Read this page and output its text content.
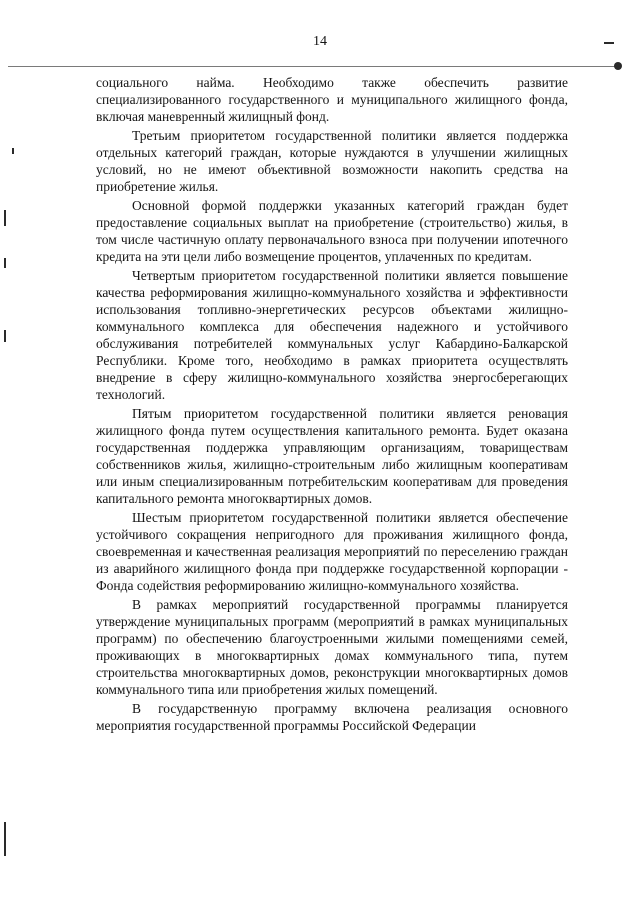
14

социального найма. Необходимо также обеспечить развитие специализированного государственного и муниципального жилищного фонда, включая маневренный жилищный фонд.

Третьим приоритетом государственной политики является поддержка отдельных категорий граждан, которые нуждаются в улучшении жилищных условий, но не имеют объективной возможности накопить средства на приобретение жилья.

Основной формой поддержки указанных категорий граждан будет предоставление социальных выплат на приобретение (строительство) жилья, в том числе частичную оплату первоначального взноса при получении ипотечного кредита на эти цели либо возмещение процентов, уплаченных по кредитам.

Четвертым приоритетом государственной политики является повышение качества реформирования жилищно-коммунального хозяйства и эффективности использования топливно-энергетических ресурсов объектами жилищно-коммунального комплекса для обеспечения надежного и устойчивого обслуживания потребителей коммунальных услуг Кабардино-Балкарской Республики. Кроме того, необходимо в рамках приоритета осуществлять внедрение в сферу жилищно-коммунального хозяйства энергосберегающих технологий.

Пятым приоритетом государственной политики является реновация жилищного фонда путем осуществления капитального ремонта. Будет оказана государственная поддержка управляющим организациям, товариществам собственников жилья, жилищно-строительным либо жилищным кооперативам или иным специализированным потребительским кооперативам для проведения капитального ремонта многоквартирных домов.

Шестым приоритетом государственной политики является обеспечение устойчивого сокращения непригодного для проживания жилищного фонда, своевременная и качественная реализация мероприятий по переселению граждан из аварийного жилищного фонда при поддержке государственной корпорации - Фонда содействия реформированию жилищно-коммунального хозяйства.

В рамках мероприятий государственной программы планируется утверждение муниципальных программ (мероприятий в рамках муниципальных программ) по обеспечению благоустроенными жилыми помещениями семей, проживающих в многоквартирных домах коммунального типа, путем строительства многоквартирных домов, реконструкции многоквартирных домов коммунального типа или приобретения жилых помещений.

В государственную программу включена реализация основного мероприятия государственной программы Российской Федерации
